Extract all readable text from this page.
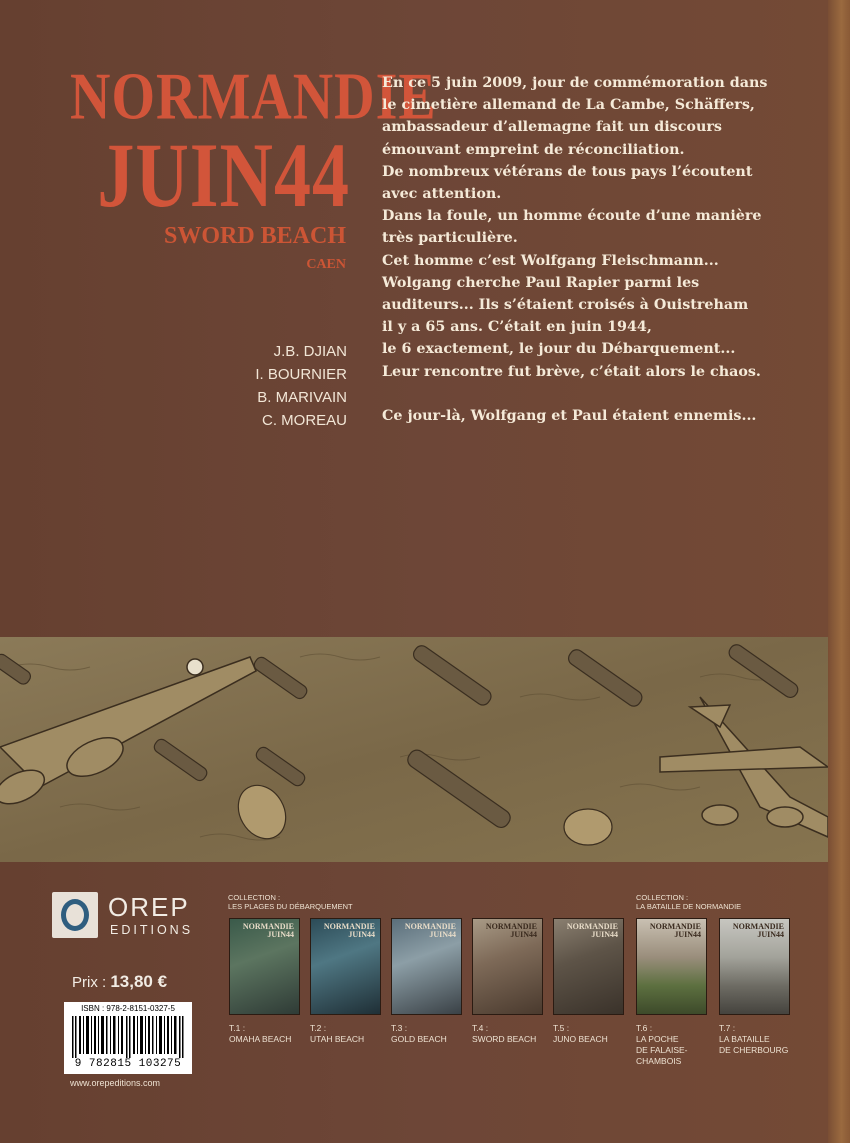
NORMANDIE
JUIN44
SWORD BEACH
CAEN
J.B. DJIAN
I. BOURNIER
B. MARIVAIN
C. MOREAU

En ce 5 juin 2009, jour de commémoration dans

le cimetière allemand de La Cambe, Schäffers,

ambassadeur d’allemagne fait un discours

émouvant empreint de réconciliation.

De nombreux vétérans de tous pays l’écoutent

avec attention.

Dans la foule, un homme écoute d’une manière

très particulière.

Cet homme c’est Wolfgang Fleischmann...

Wolgang cherche Paul Rapier parmi les

auditeurs... Ils s’étaient croisés à Ouistreham

il y a 65 ans. C’était en juin 1944,

le 6 exactement, le jour du Débarquement...

Leur rencontre fut brève, c’était alors le chaos.

Ce jour-là, Wolfgang et Paul étaient ennemis...

OREP
EDITIONS
Prix : 13,80 €
ISBN : 978-2-8151-0327-5
9 782815 103275
www.orepeditions.com
COLLECTION :
LES PLAGES DU DÉBARQUEMENT
COLLECTION :
LA BATAILLE DE NORMANDIE
NORMANDIE
JUIN44
NORMANDIE
JUIN44
NORMANDIE
JUIN44
NORMANDIE
JUIN44
NORMANDIE
JUIN44
NORMANDIE
JUIN44
NORMANDIE
JUIN44
T.1 :
OMAHA BEACH
T.2 :
UTAH BEACH
T.3 :
GOLD BEACH
T.4 :
SWORD BEACH
T.5 :
JUNO BEACH
T.6 :
LA POCHE
DE FALAISE-
CHAMBOIS
T.7 :
LA BATAILLE
DE CHERBOURG
